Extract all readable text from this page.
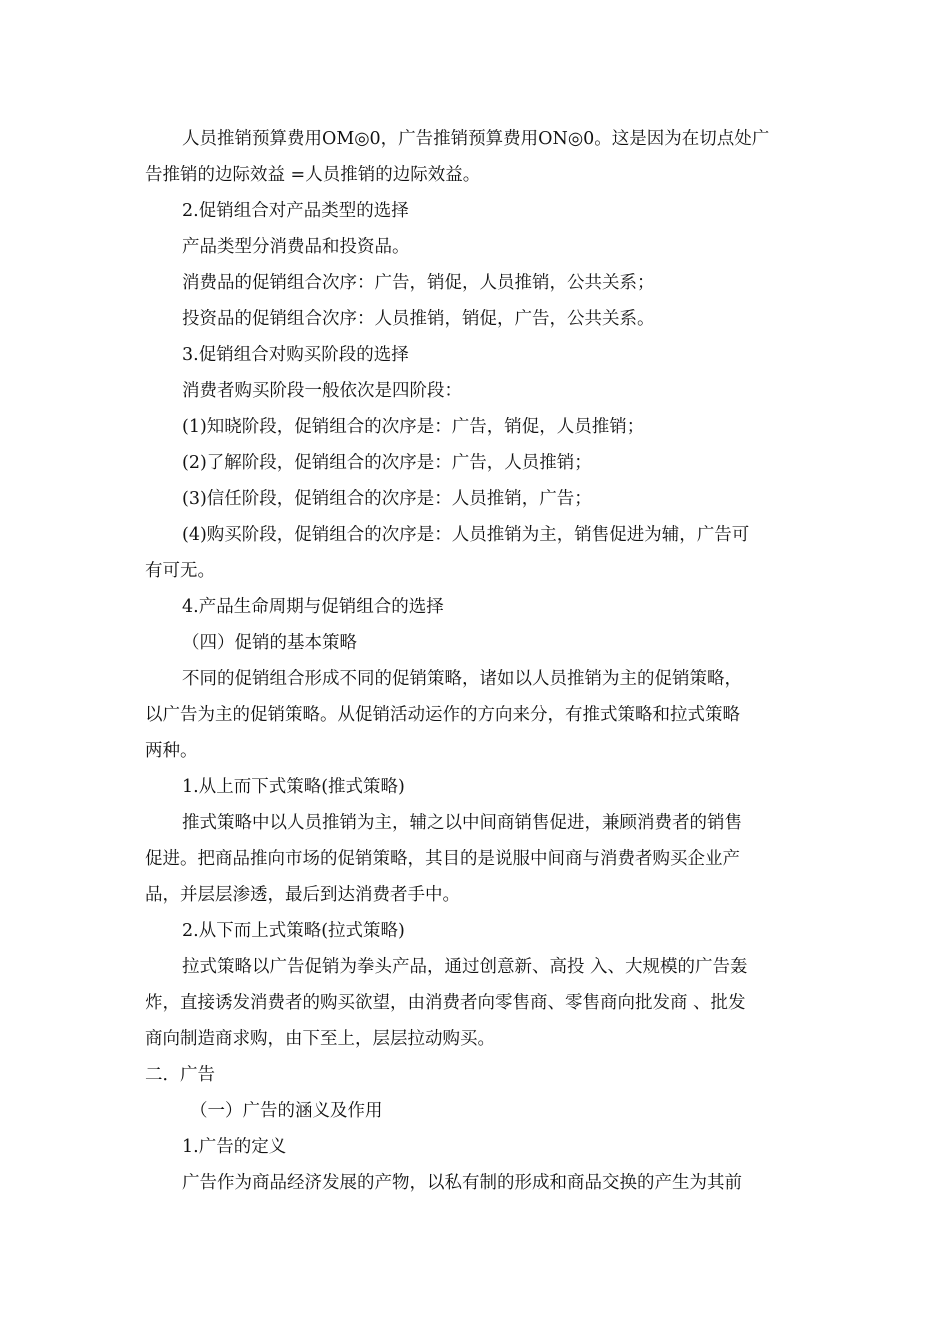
人员推销预算费用OM◎0，广告推销预算费用ON◎0。这是因为在切点处广
告推销的边际效益 =人员推销的边际效益。
2.促销组合对产品类型的选择
产品类型分消费品和投资品。
消费品的促销组合次序：广告，销促，人员推销，公共关系；
投资品的促销组合次序：人员推销，销促，广告，公共关系。
3.促销组合对购买阶段的选择
消费者购买阶段一般依次是四阶段：
(1)知晓阶段，促销组合的次序是：广告，销促，人员推销；
(2)了解阶段，促销组合的次序是：广告，人员推销；
(3)信任阶段，促销组合的次序是：人员推销，广告；
(4)购买阶段，促销组合的次序是：人员推销为主，销售促进为辅，广告可
有可无。
4.产品生命周期与促销组合的选择
（四）促销的基本策略
不同的促销组合形成不同的促销策略，诸如以人员推销为主的促销策略，
以广告为主的促销策略。从促销活动运作的方向来分，有推式策略和拉式策略
两种。
1.从上而下式策略(推式策略)
推式策略中以人员推销为主，辅之以中间商销售促进，兼顾消费者的销售
促进。把商品推向市场的促销策略，其目的是说服中间商与消费者购买企业产
品，并层层渗透，最后到达消费者手中。
2.从下而上式策略(拉式策略)
拉式策略以广告促销为拳头产品，通过创意新、高投 入、大规模的广告轰
炸，直接诱发消费者的购买欲望，由消费者向零售商、零售商向批发商 、批发
商向制造商求购，由下至上，层层拉动购买。
二．广告
（一）广告的涵义及作用
1.广告的定义
广告作为商品经济发展的产物，以私有制的形成和商品交换的产生为其前
